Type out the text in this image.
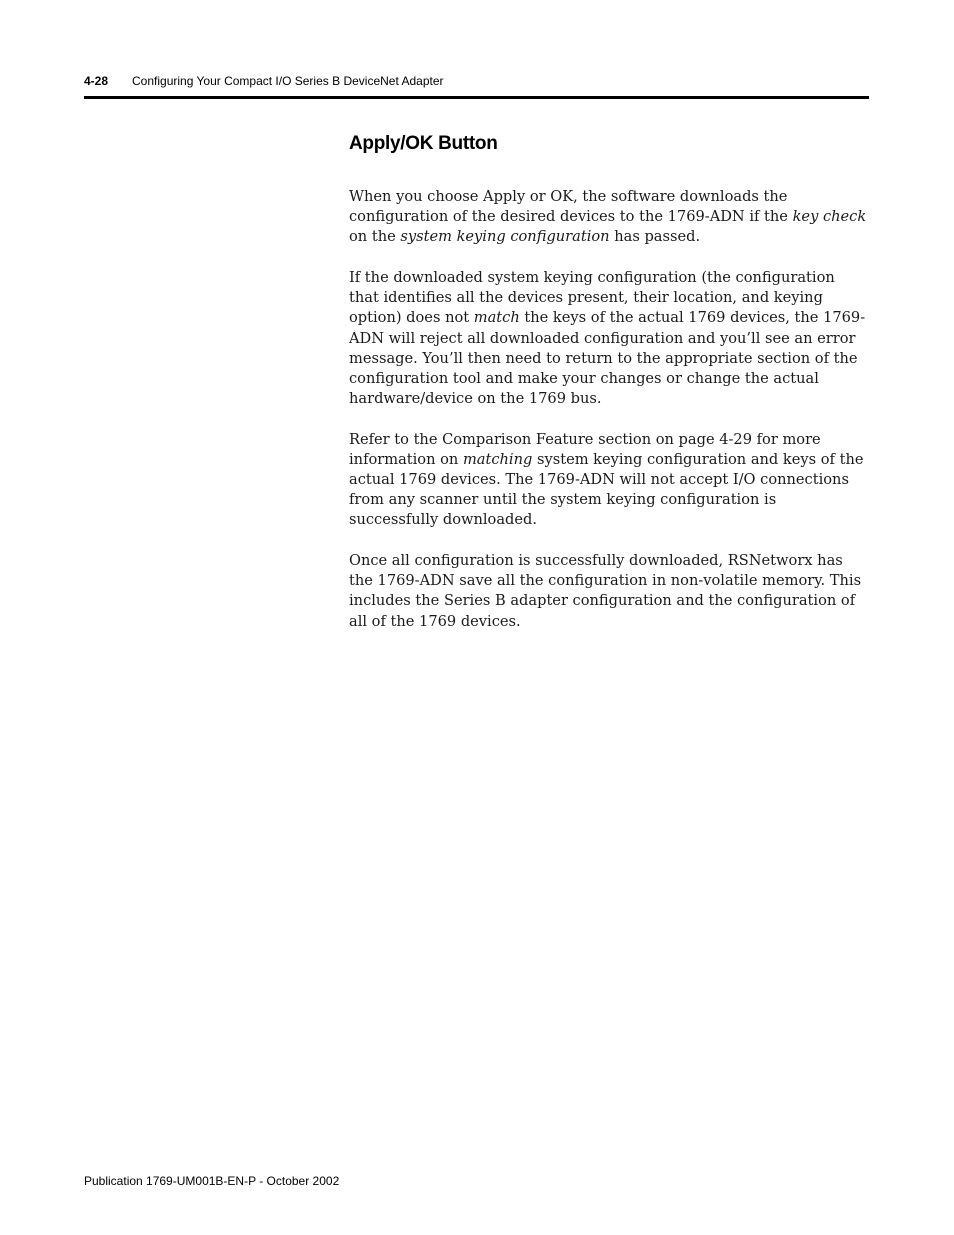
4-28 Configuring Your Compact I/O Series B DeviceNet Adapter
Apply/OK Button

When you choose Apply or OK, the software downloads the configuration of the desired devices to the 1769-ADN if the key check on the system keying configuration has passed.

If the downloaded system keying configuration (the configuration that identifies all the devices present, their location, and keying option) does not match the keys of the actual 1769 devices, the 1769-ADN will reject all downloaded configuration and you’ll see an error message. You’ll then need to return to the appropriate section of the configuration tool and make your changes or change the actual hardware/device on the 1769 bus.

Refer to the Comparison Feature section on page 4-29 for more information on matching system keying configuration and keys of the actual 1769 devices. The 1769-ADN will not accept I/O connections from any scanner until the system keying configuration is successfully downloaded.

Once all configuration is successfully downloaded, RSNetworx has the 1769-ADN save all the configuration in non-volatile memory. This includes the Series B adapter configuration and the configuration of all of the 1769 devices.

Publication 1769-UM001B-EN-P - October 2002
